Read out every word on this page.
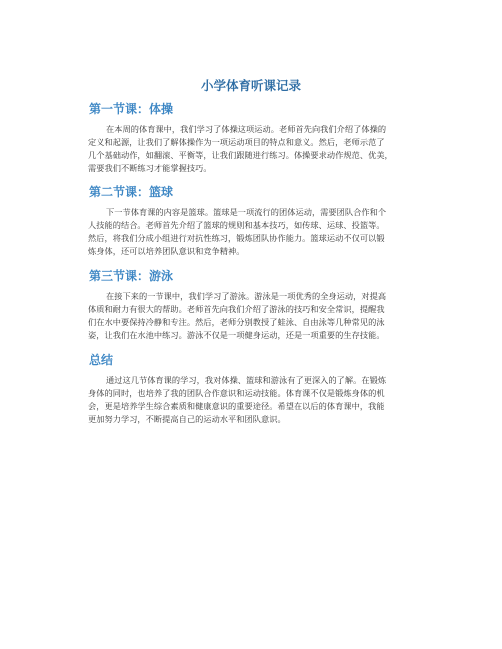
小学体育听课记录
第一节课：体操
在本周的体育课中，我们学习了体操这项运动。老师首先向我们介绍了体操的
定义和起源，让我们了解体操作为一项运动项目的特点和意义。然后，老师示范了
几个基础动作，如翻滚、平衡等，让我们跟随进行练习。体操要求动作规范、优美，
需要我们不断练习才能掌握技巧。
第二节课：篮球
下一节体育课的内容是篮球。篮球是一项流行的团体运动，需要团队合作和个
人技能的结合。老师首先介绍了篮球的规则和基本技巧，如传球、运球、投篮等。
然后，将我们分成小组进行对抗性练习，锻炼团队协作能力。篮球运动不仅可以锻
炼身体，还可以培养团队意识和竞争精神。
第三节课：游泳
在接下来的一节课中，我们学习了游泳。游泳是一项优秀的全身运动，对提高
体质和耐力有很大的帮助。老师首先向我们介绍了游泳的技巧和安全常识，提醒我
们在水中要保持冷静和专注。然后，老师分别教授了蛙泳、自由泳等几种常见的泳
姿，让我们在水池中练习。游泳不仅是一项健身运动，还是一项重要的生存技能。
总结
通过这几节体育课的学习，我对体操、篮球和游泳有了更深入的了解。在锻炼
身体的同时，也培养了我的团队合作意识和运动技能。体育课不仅是锻炼身体的机
会，更是培养学生综合素质和健康意识的重要途径。希望在以后的体育课中，我能
更加努力学习，不断提高自己的运动水平和团队意识。
